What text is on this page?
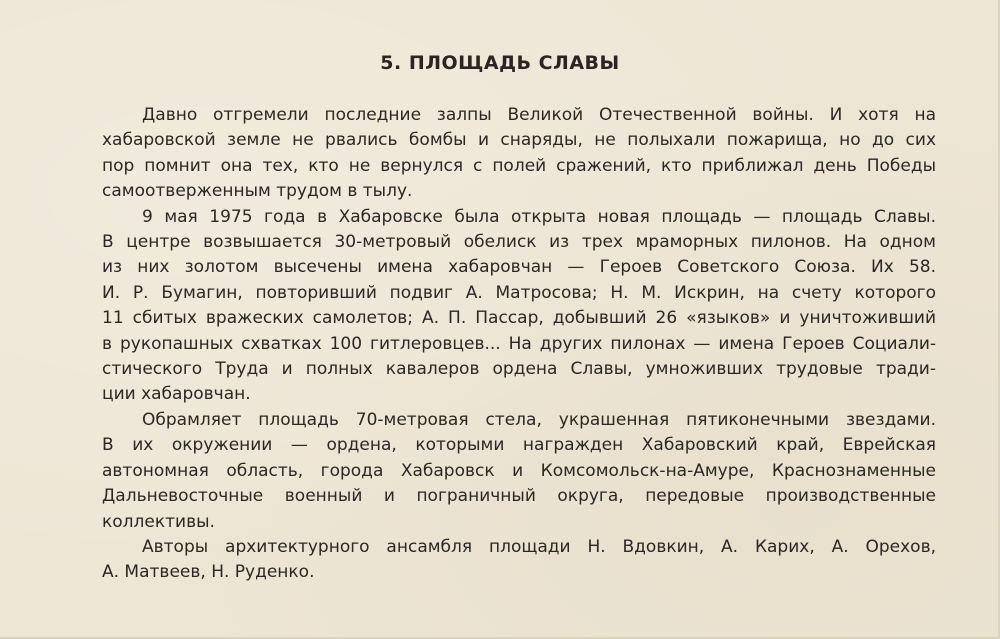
5. ПЛОЩАДЬ СЛАВЫ
Давно отгремели последние залпы Великой Отечественной войны. И хотя на
хабаровской земле не рвались бомбы и снаряды, не полыхали пожарища, но до сих
пор помнит она тех, кто не вернулся с полей сражений, кто приближал день Победы
самоотверженным трудом в тылу.
9 мая 1975 года в Хабаровске была открыта новая площадь — площадь Славы.
В центре возвышается 30-метровый обелиск из трех мраморных пилонов. На одном
из них золотом высечены имена хабаровчан — Героев Советского Союза. Их 58.
И. Р. Бумагин, повторивший подвиг А. Матросова; Н. М. Искрин, на счету которого
11 сбитых вражеских самолетов; А. П. Пассар, добывший 26 «языков» и уничтоживший
в рукопашных схватках 100 гитлеровцев... На других пилонах — имена Героев Социали-
стического Труда и полных кавалеров ордена Славы, умноживших трудовые тради-
ции хабаровчан.
Обрамляет площадь 70-метровая стела, украшенная пятиконечными звездами.
В их окружении — ордена, которыми награжден Хабаровский край, Еврейская
автономная область, города Хабаровск и Комсомольск-на-Амуре, Краснознаменные
Дальневосточные военный и пограничный округа, передовые производственные
коллективы.
Авторы архитектурного ансамбля площади Н. Вдовкин, А. Карих, А. Орехов,
А. Матвеев, Н. Руденко.
